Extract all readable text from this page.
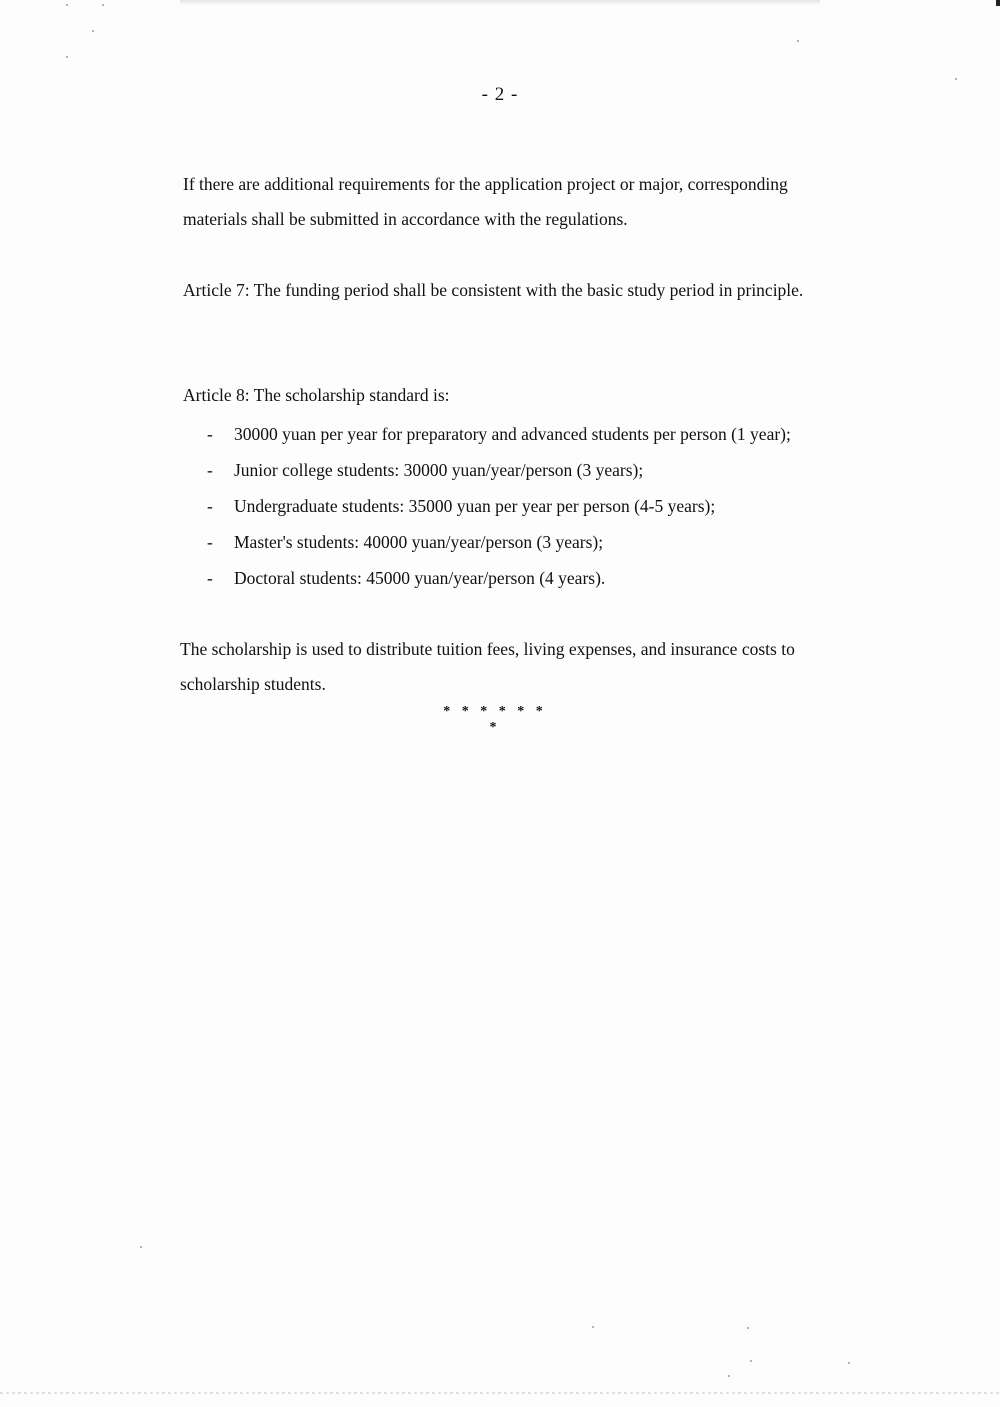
- 2 -

If there are additional requirements for the application project or major, corresponding materials shall be submitted in accordance with the regulations.

Article 7: The funding period shall be consistent with the basic study period in principle.

Article 8: The scholarship standard is:

- 30000 yuan per year for preparatory and advanced students per person (1 year);
- Junior college students: 30000 yuan/year/person (3 years);
- Undergraduate students: 35000 yuan per year per person (4-5 years);
- Master's students: 40000 yuan/year/person (3 years);
- Doctoral students: 45000 yuan/year/person (4 years).

The scholarship is used to distribute tuition fees, living expenses, and insurance costs to scholarship students.

* * * * * * *
